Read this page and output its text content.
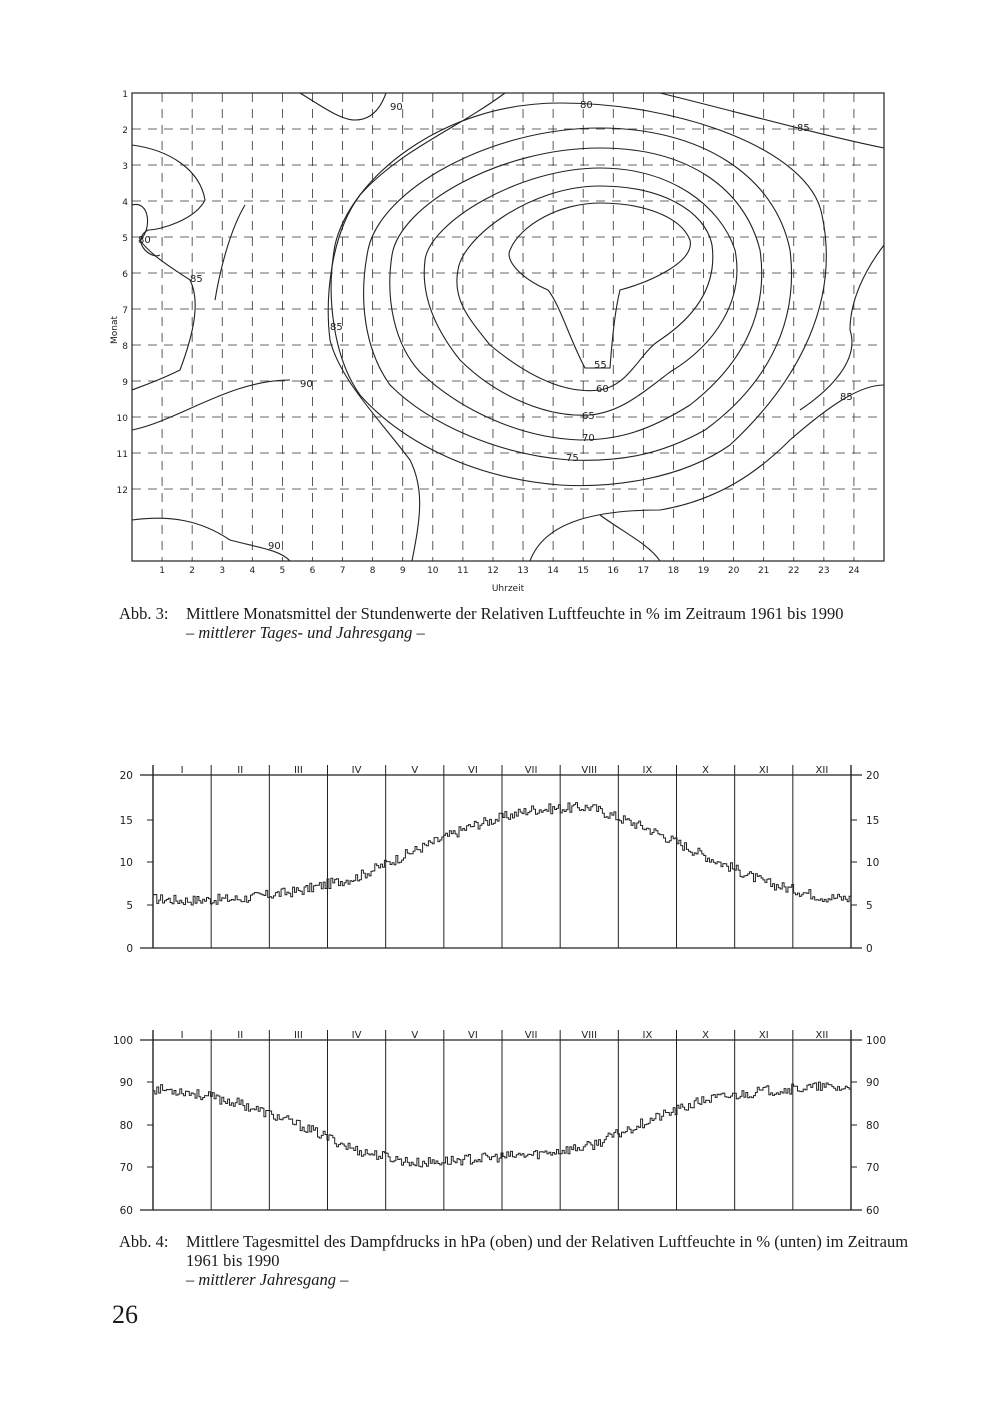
90	80
85
80
85
85
90
55
60
65
70
75
85
90
1	2	3	4	5	6	7	8	9 10 11 12 13 14 15 16 17 18 19 20 21 22 23 24
1
2
3
4
5
6
7
8
9
10
11
12
Monat
Uhrzeit
Abb. 3: Mittlere Monatsmittel der Stundenwerte der Relativen Luftfeuchte in % im Zeitraum 1961 bis 1990
– mittlerer Tages- und Jahresgang –
I	II	III	IV	V	VI	VII	VIII	IX	X	XI	XII
20	20
15	15
10	10
5	5
0	0
I	II	III	IV	V	VI	VII	VIII	IX	X	XI	XII
100	100
90	90
80	80
70	70
60	60
Abb. 4: Mittlere Tagesmittel des Dampfdrucks in hPa (oben) und der Relativen Luftfeuchte in % (unten) im Zeitraum 1961 bis 1990
– mittlerer Jahresgang –
26
